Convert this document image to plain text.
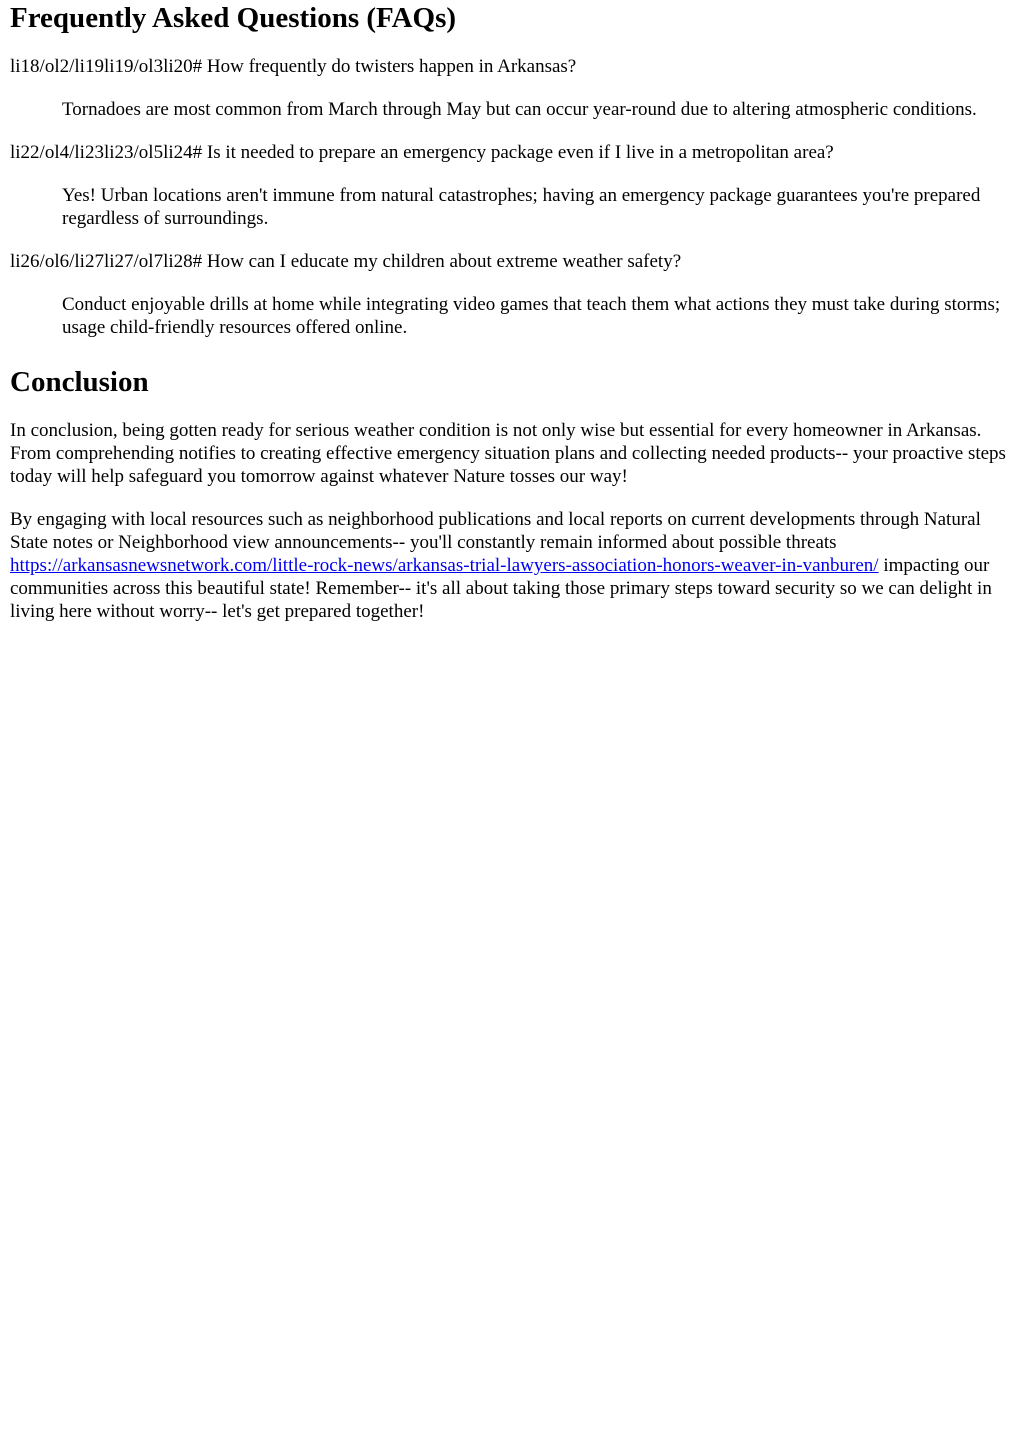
Frequently Asked Questions (FAQs)

li18/ol2/li19li19/ol3li20# How frequently do twisters happen in Arkansas?

Tornadoes are most common from March through May but can occur year-round due to altering atmospheric conditions.

li22/ol4/li23li23/ol5li24# Is it needed to prepare an emergency package even if I live in a metropolitan area?

Yes! Urban locations aren't immune from natural catastrophes; having an emergency package guarantees you're prepared regardless of surroundings.

li26/ol6/li27li27/ol7li28# How can I educate my children about extreme weather safety?

Conduct enjoyable drills at home while integrating video games that teach them what actions they must take during storms; usage child-friendly resources offered online.

Conclusion

In conclusion, being gotten ready for serious weather condition is not only wise but essential for every homeowner in Arkansas. From comprehending notifies to creating effective emergency situation plans and collecting needed products-- your proactive steps today will help safeguard you tomorrow against whatever Nature tosses our way!

By engaging with local resources such as neighborhood publications and local reports on current developments through Natural State notes or Neighborhood view announcements-- you'll constantly remain informed about possible threats https://arkansasnewsnetwork.com/little-rock-news/arkansas-trial-lawyers-association-honors-weaver-in-vanburen/ impacting our communities across this beautiful state! Remember-- it's all about taking those primary steps toward security so we can delight in living here without worry-- let's get prepared together!
